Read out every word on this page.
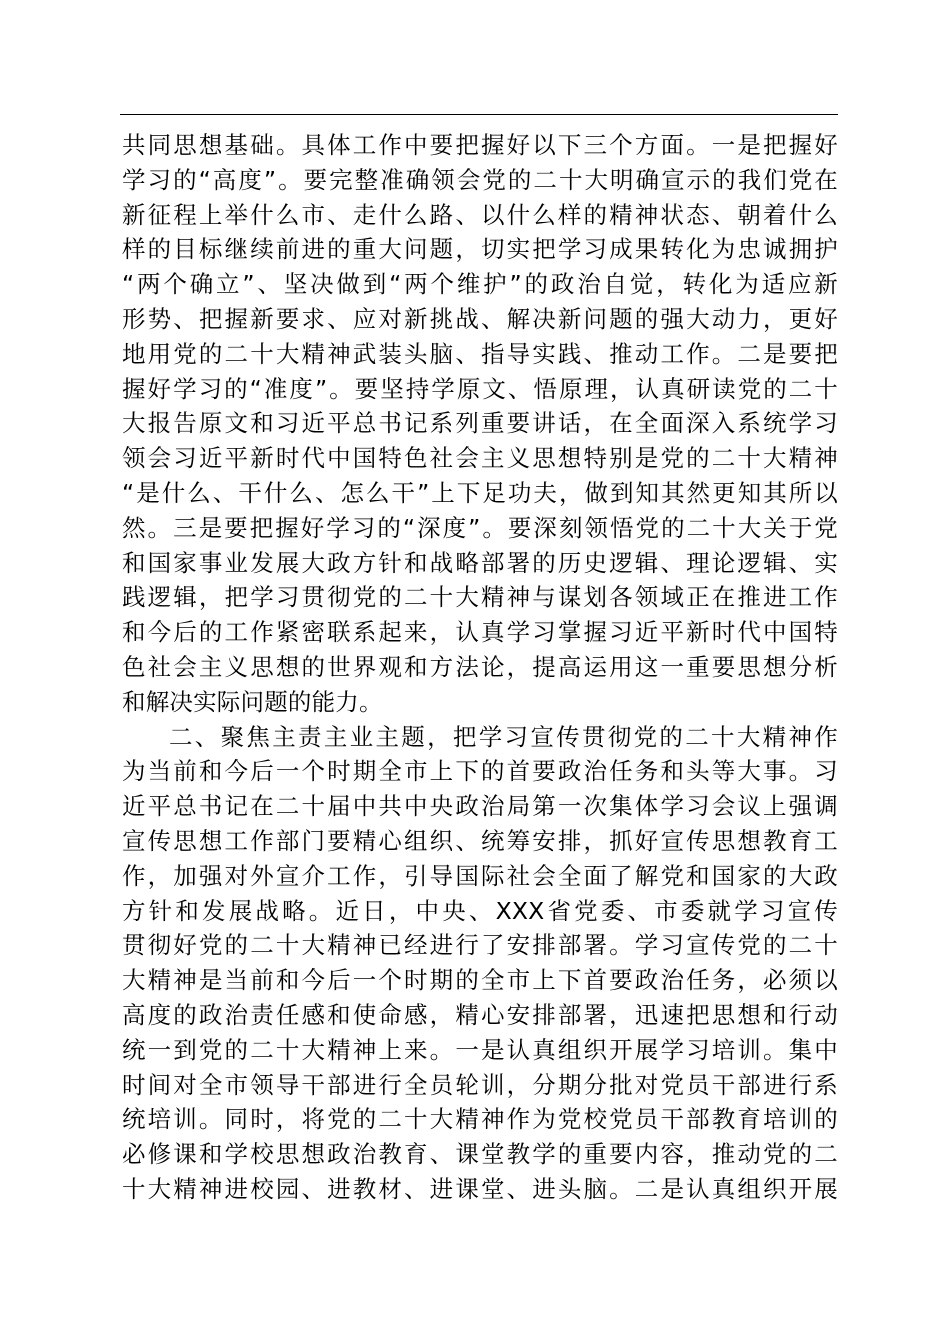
共同思想基础。具体工作中要把握好以下三个方面。一是把握好
学习的“高度”。要完整准确领会党的二十大明确宣示的我们党在
新征程上举什么市、走什么路、以什么样的精神状态、朝着什么
样的目标继续前进的重大问题，切实把学习成果转化为忠诚拥护
“两个确立”、坚决做到“两个维护”的政治自觉，转化为适应新
形势、把握新要求、应对新挑战、解决新问题的强大动力，更好
地用党的二十大精神武装头脑、指导实践、推动工作。二是要把
握好学习的“准度”。要坚持学原文、悟原理，认真研读党的二十
大报告原文和习近平总书记系列重要讲话，在全面深入系统学习
领会习近平新时代中国特色社会主义思想特别是党的二十大精神
“是什么、干什么、怎么干”上下足功夫，做到知其然更知其所以
然。三是要把握好学习的“深度”。要深刻领悟党的二十大关于党
和国家事业发展大政方针和战略部署的历史逻辑、理论逻辑、实
践逻辑，把学习贯彻党的二十大精神与谋划各领域正在推进工作
和今后的工作紧密联系起来，认真学习掌握习近平新时代中国特
色社会主义思想的世界观和方法论，提高运用这一重要思想分析
和解决实际问题的能力。
二、聚焦主责主业主题，把学习宣传贯彻党的二十大精神作
为当前和今后一个时期全市上下的首要政治任务和头等大事。习
近平总书记在二十届中共中央政治局第一次集体学习会议上强调
宣传思想工作部门要精心组织、统筹安排，抓好宣传思想教育工
作，加强对外宣介工作，引导国际社会全面了解党和国家的大政
方针和发展战略。近日，中央、XXX省党委、市委就学习宣传
贯彻好党的二十大精神已经进行了安排部署。学习宣传党的二十
大精神是当前和今后一个时期的全市上下首要政治任务，必须以
高度的政治责任感和使命感，精心安排部署，迅速把思想和行动
统一到党的二十大精神上来。一是认真组织开展学习培训。集中
时间对全市领导干部进行全员轮训，分期分批对党员干部进行系
统培训。同时，将党的二十大精神作为党校党员干部教育培训的
必修课和学校思想政治教育、课堂教学的重要内容，推动党的二
十大精神进校园、进教材、进课堂、进头脑。二是认真组织开展
